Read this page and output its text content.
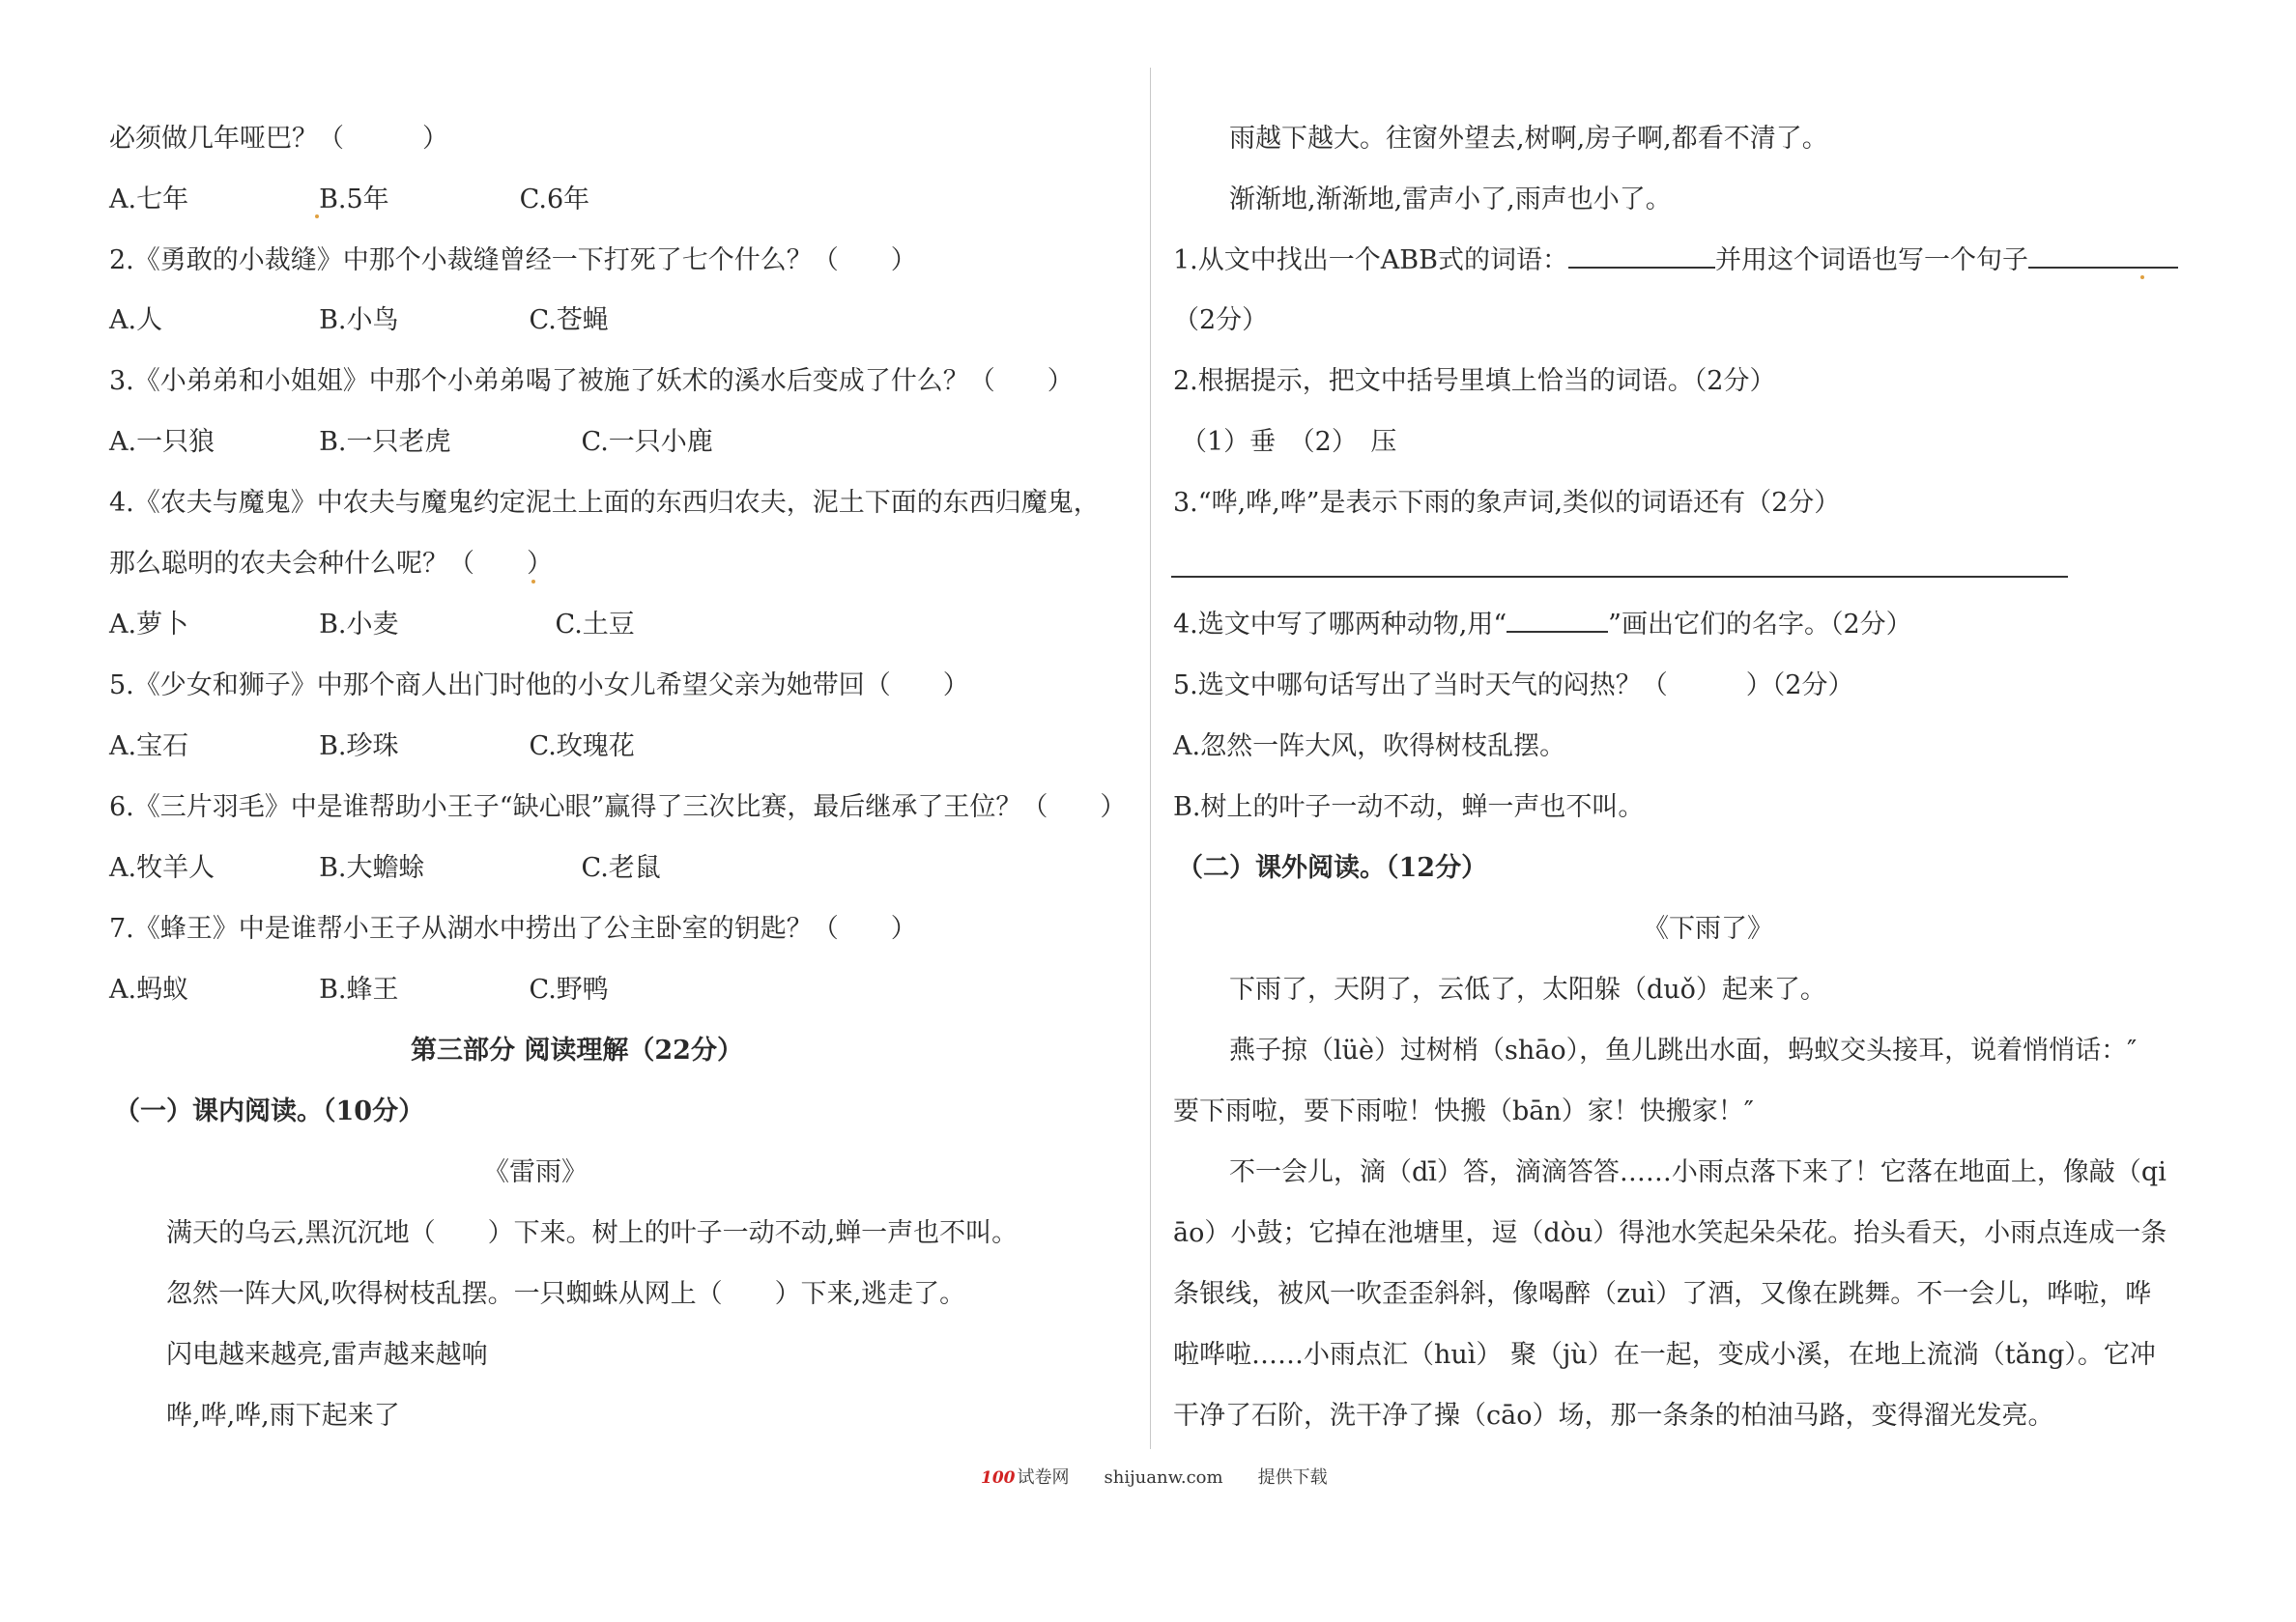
第三部分 阅读理解（22分）
（一）课内阅读。（10分）
《雷雨》
满天的乌云,黑沉沉地（　　）下来。树上的叶子一动不动,蝉一声也不叫。
忽然一阵大风,吹得树枝乱摆。一只蜘蛛从网上（　　）下来,逃走了。
闪电越来越亮,雷声越来越响
哗,哗,哗,雨下起来了
雨越下越大。往窗外望去,树啊,房子啊,都看不清了。
渐渐地,渐渐地,雷声小了,雨声也小了。
1.从文中找出一个ABB式的词语：	并用这个词语也写一个句子
（2分）
2.根据提示，把文中括号里填上恰当的词语。（2分）
（1）垂　（2）　压
3.“哗,哗,哗”是表示下雨的象声词,类似的词语还有（2分）
4.选文中写了哪两种动物,用“	”画出它们的名字。（2分）
5.选文中哪句话写出了当时天气的闷热？（　　　）（2分）
A.忽然一阵大风，吹得树枝乱摆。
B.树上的叶子一动不动，蝉一声也不叫。
（二）课外阅读。（12分）
《下雨了》
下雨了，天阴了，云低了，太阳躲（duǒ）起来了。
燕子掠（lüè）过树梢（shāo），鱼儿跳出水面，蚂蚁交头接耳，说着悄悄话：″
要下雨啦，要下雨啦！快搬（bān）家！快搬家！″
不一会儿，滴（dī）答，滴滴答答……小雨点落下来了！它落在地面上，像敲（qi
āo）小鼓；它掉在池塘里，逗（dòu）得池水笑起朵朵花。抬头看天，小雨点连成一条
条银线，被风一吹歪歪斜斜，像喝醉（zuì）了酒，又像在跳舞。不一会儿，哗啦，哗
啦哗啦……小雨点汇（huì） 聚（jù）在一起，变成小溪，在地上流淌（tǎng）。它冲
干净了石阶，洗干净了操（cāo）场，那一条条的柏油马路，变得溜光发亮。
100 试卷网 shijuanw.com 提供下载
必须做几年哑巴？（　　　）
A.七年　　　　　B.5年　　　　　C.6年
2.《勇敢的小裁缝》中那个小裁缝曾经一下打死了七个什么？（　　）
A.人　　　　　　B.小鸟　　　　　C.苍蝇
3.《小弟弟和小姐姐》中那个小弟弟喝了被施了妖术的溪水后变成了什么？（　　）
A.一只狼　　　　B.一只老虎　　　　　C.一只小鹿
4.《农夫与魔鬼》中农夫与魔鬼约定泥土上面的东西归农夫，泥土下面的东西归魔鬼，
那么聪明的农夫会种什么呢？（　　）
A.萝卜　　　　　B.小麦　　　　　　C.土豆
5.《少女和狮子》中那个商人出门时他的小女儿希望父亲为她带回（　　）
A.宝石　　　　　B.珍珠　　　　　C.玫瑰花
6.《三片羽毛》中是谁帮助小王子“缺心眼”赢得了三次比赛，最后继承了王位？（　　）
A.牧羊人　　　　B.大蟾蜍　　　　　　C.老鼠
7.《蜂王》中是谁帮小王子从湖水中捞出了公主卧室的钥匙？（　　）
A.蚂蚁　　　　　B.蜂王　　　　　C.野鸭
